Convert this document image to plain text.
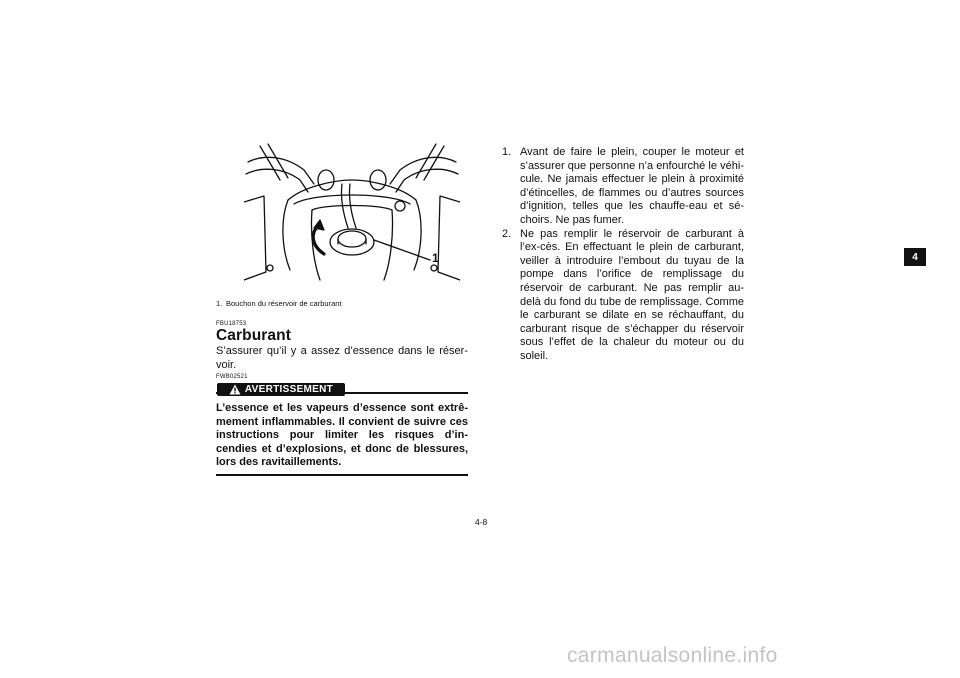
1
1. Bouchon du réservoir de carburant
FBU18753
Carburant
S’assurer qu’il y a assez d’essence dans le réser-voir.
FWB02521
AVERTISSEMENT
L’essence et les vapeurs d’essence sont extrê-mement inflammables. Il convient de suivre ces instructions pour limiter les risques d’in-cendies et d’explosions, et donc de blessures, lors des ravitaillements.
1. Avant de faire le plein, couper le moteur et s’assurer que personne n’a enfourché le véhi-cule. Ne jamais effectuer le plein à proximité d’étincelles, de flammes ou d’autres sources d’ignition, telles que les chauffe-eau et sé-choirs. Ne pas fumer.
2. Ne pas remplir le réservoir de carburant à l’ex-cès. En effectuant le plein de carburant, veiller à introduire l’embout du tuyau de la pompe dans l’orifice de remplissage du réservoir de carburant. Ne pas remplir au-delà du fond du tube de remplissage. Comme le carburant se dilate en se réchauffant, du carburant risque de s’échapper du réservoir sous l’effet de la chaleur du moteur ou du soleil.
4-8
4
carmanualsonline.info
